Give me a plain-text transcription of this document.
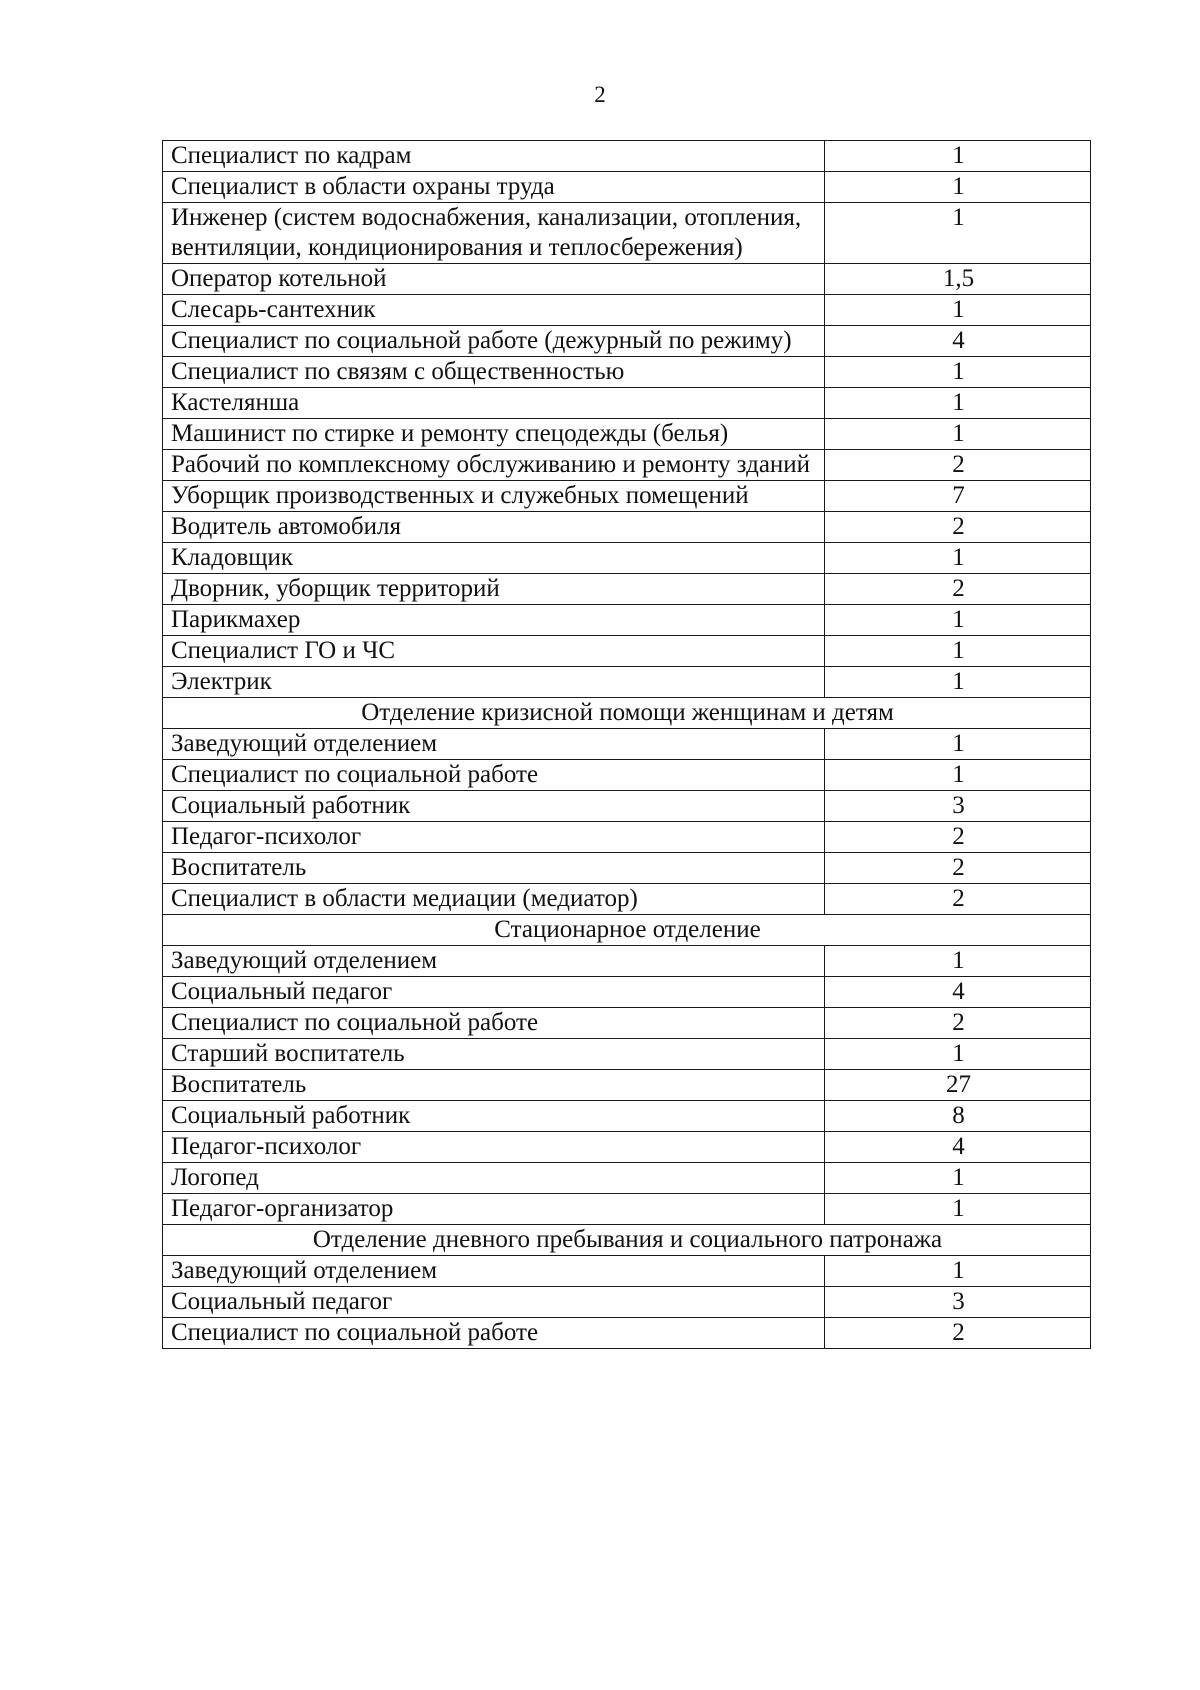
2
Специалист по кадрам	1
Специалист в области охраны труда	1
Инженер (систем водоснабжения, канализации, отопления, вентиляции, кондиционирования и теплосбережения)	1
Оператор котельной	1,5
Слесарь-сантехник	1
Специалист по социальной работе (дежурный по режиму)	4
Специалист по связям с общественностью	1
Кастелянша	1
Машинист по стирке и ремонту спецодежды (белья)	1
Рабочий по комплексному обслуживанию и ремонту зданий	2
Уборщик производственных и служебных помещений	7
Водитель автомобиля	2
Кладовщик	1
Дворник, уборщик территорий	2
Парикмахер	1
Специалист ГО и ЧС	1
Электрик	1
Отделение кризисной помощи женщинам и детям	
Заведующий отделением	1
Специалист по социальной работе	1
Социальный работник	3
Педагог-психолог	2
Воспитатель	2
Специалист в области медиации (медиатор)	2
Стационарное отделение	
Заведующий отделением	1
Социальный педагог	4
Специалист по социальной работе	2
Старший воспитатель	1
Воспитатель	27
Социальный работник	8
Педагог-психолог	4
Логопед	1
Педагог-организатор	1
Отделение дневного пребывания и социального патронажа	
Заведующий отделением	1
Социальный педагог	3
Специалист по социальной работе	2
